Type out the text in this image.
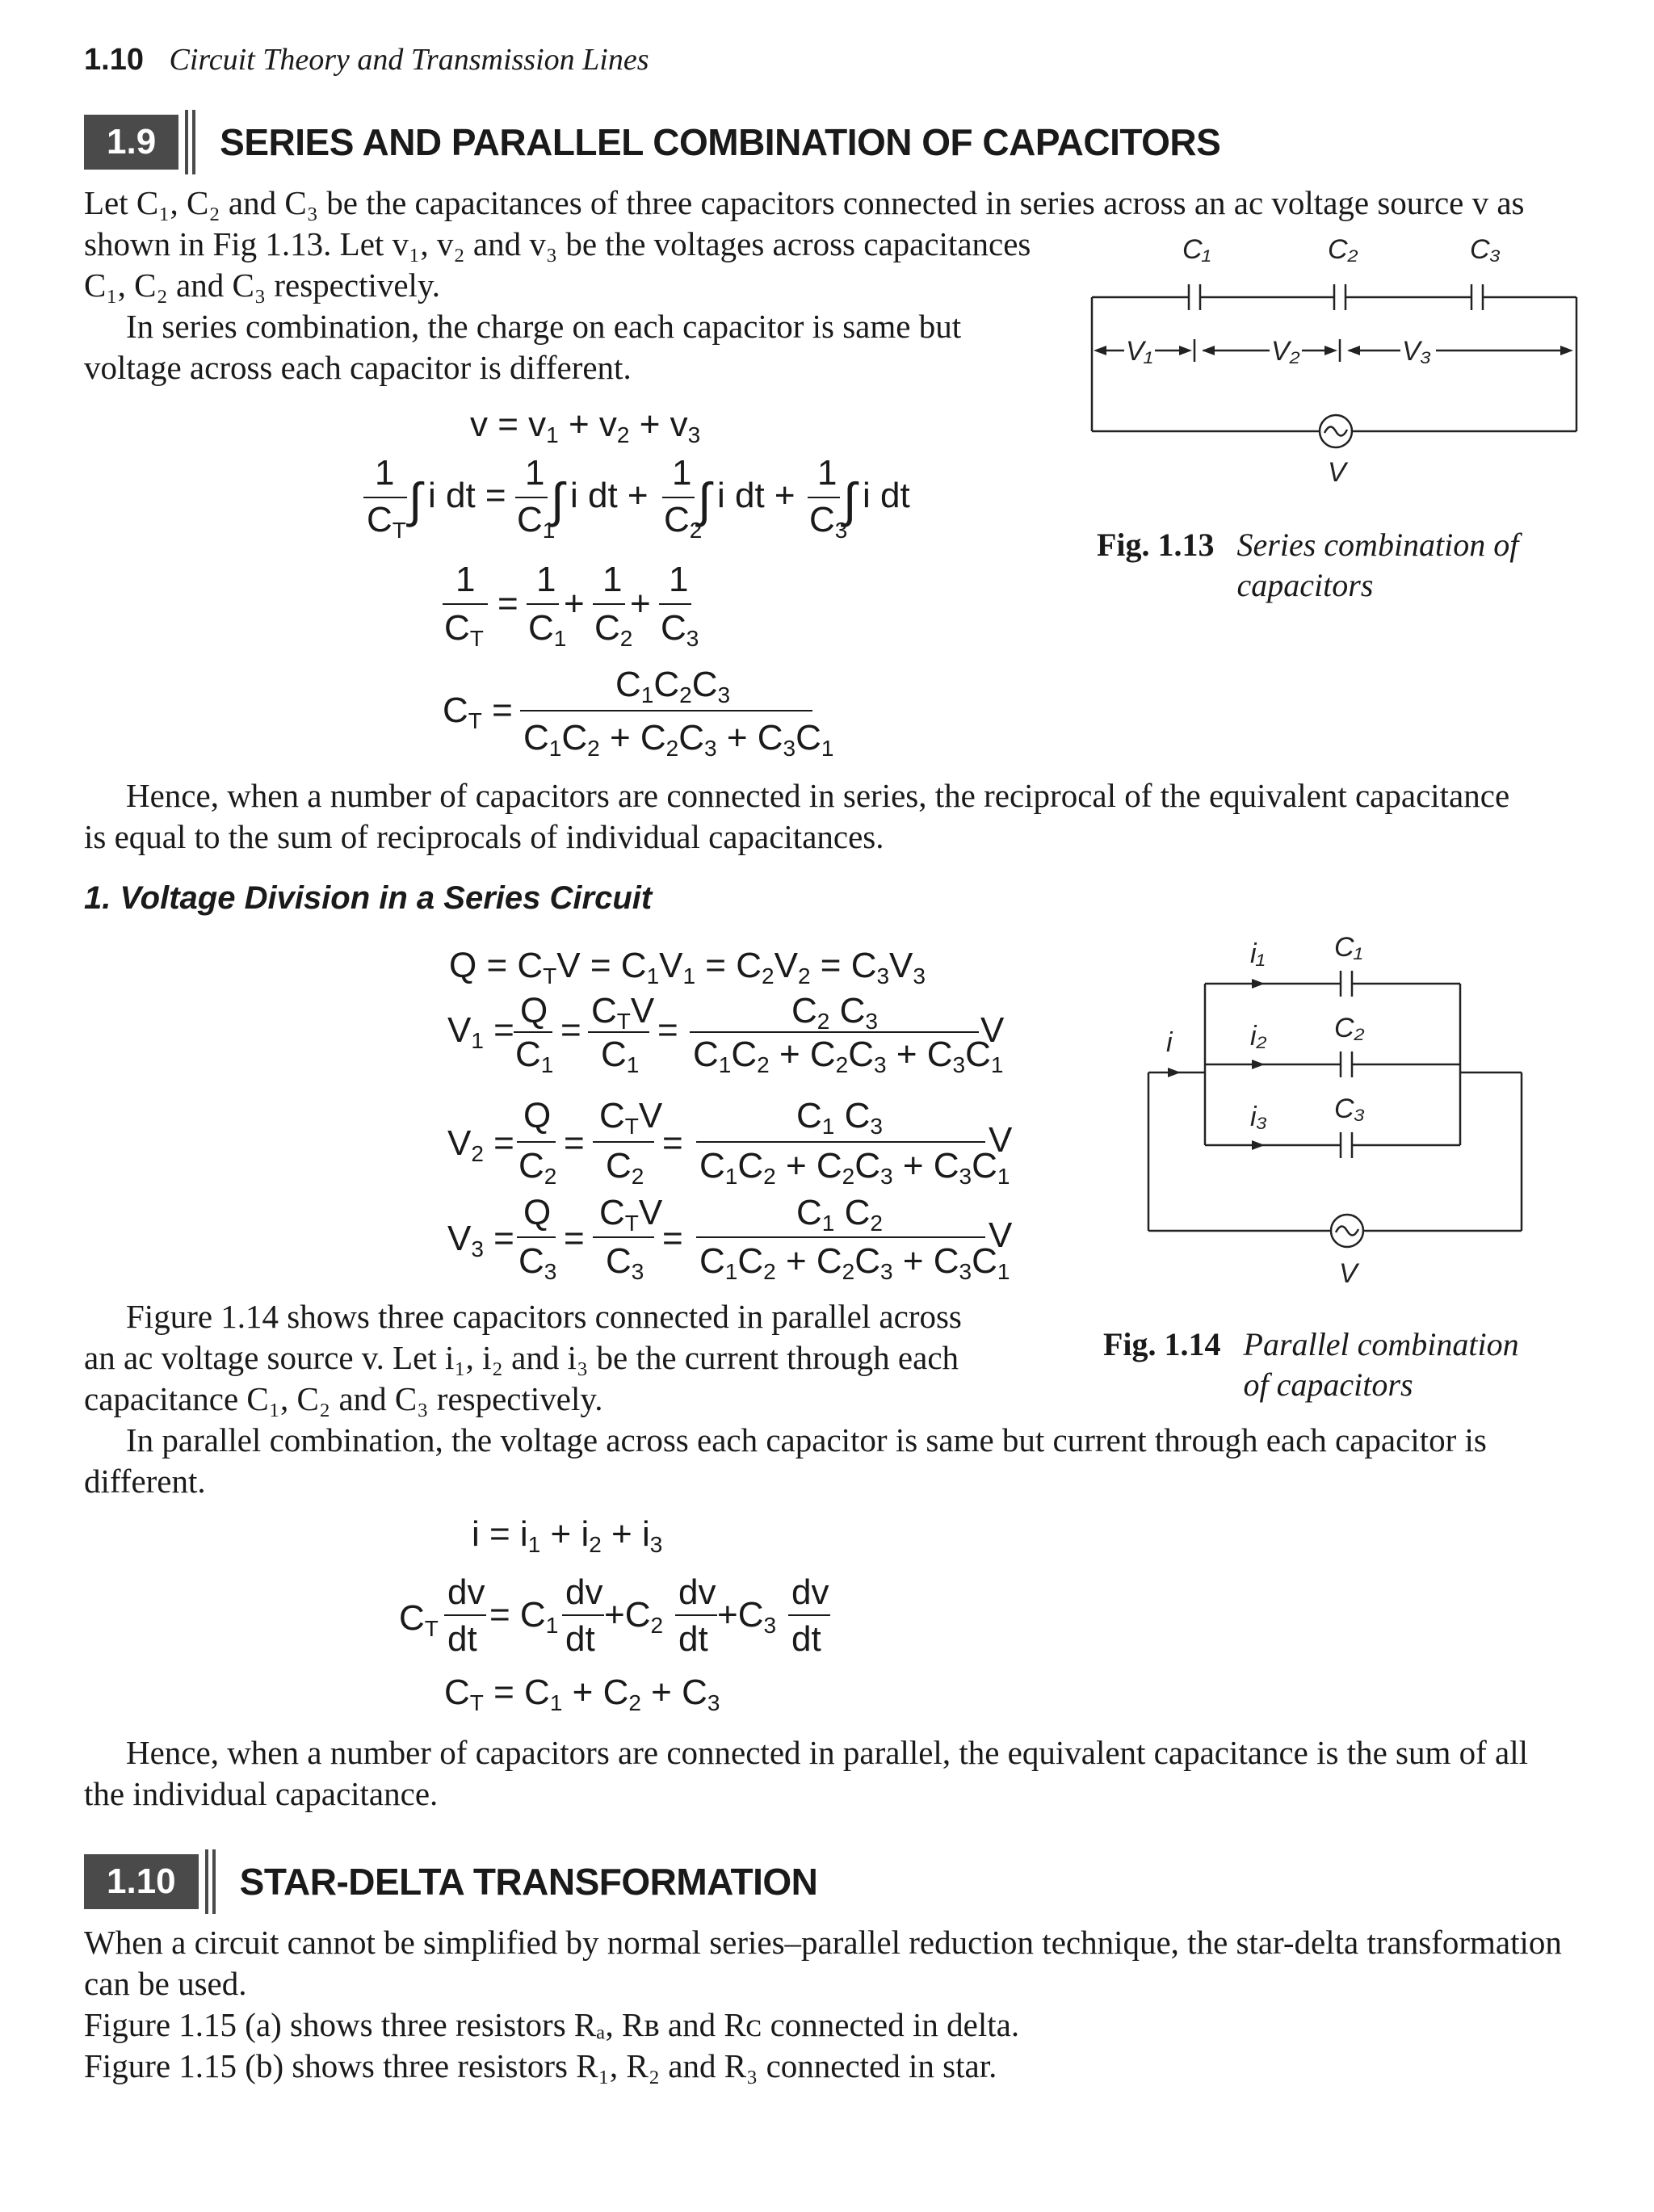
1.10 Circuit Theory and Transmission Lines
1.9	SERIES AND PARALLEL COMBINATION OF CAPACITORS
Let C₁, C₂ and C₃ be the capacitances of three capacitors connected in series across an ac voltage source v as
shown in Fig 1.13. Let v₁, v₂ and v₃ be the voltages across capacitances
C₁, C₂ and C₃ respectively.
In series combination, the charge on each capacitor is same but
voltage across each capacitor is different.
C₁	C₂	C₃
V₁	V₂	V₃
V
Fig. 1.13 Series combination of
capacitors
v = v1 + v2 + v3
1
CT
∫ i dt =
1
C1
∫ i dt +
1
C2
∫ i dt +
1
C3
∫ i dt
1
CT
=
1
C1
+
1
C2
+
1
C3
CT =
C1C2C3
C1C2 + C2C3 + C3C1
Hence, when a number of capacitors are connected in series, the reciprocal of the equivalent capacitance
is equal to the sum of reciprocals of individual capacitances.
1. Voltage Division in a Series Circuit
Q = CTV = C1V1 = C2V2 = C3V3
V1 = Q
C1
= CTV
C1
=	C2 C3
C1C2 + C2C3 + C3C1
V
V2 =
Q
C2
=
CTV
C2
=
C1 C3
C1C2 + C2C3 + C3C1
V
V3 =
Q
C3
=
CTV
C3
=
C1 C2
C1C2 + C2C3 + C3C1
V
i
i₁
i₂
i₃
C₁
C₂
C₃
V
Figure 1.14 shows three capacitors connected in parallel across
an ac voltage source v. Let i₁, i₂ and i₃ be the current through each
capacitance C₁, C₂ and C₃ respectively.
In parallel combination, the voltage across each capacitor is same but current through each capacitor is
different.
Fig. 1.14 Parallel combination
of capacitors
i = i1 + i2 + i3
CT
dv
dt
= C1
dv
dt
+C2
dv
dt
+C3
dv
dt
CT = C1 + C2 + C3
Hence, when a number of capacitors are connected in parallel, the equivalent capacitance is the sum of all
the individual capacitance.
1.10	STAR-DELTA TRANSFORMATION
When a circuit cannot be simplified by normal series–parallel reduction technique, the star-delta transformation
can be used.
Figure 1.15 (a) shows three resistors Rₐ, Rʙ and Rᴄ connected in delta.
Figure 1.15 (b) shows three resistors R₁, R₂ and R₃ connected in star.
